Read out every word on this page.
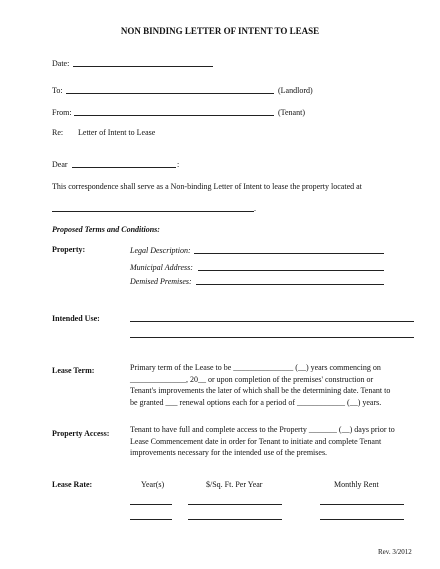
NON BINDING LETTER OF INTENT TO LEASE
Date:
To:	(Landlord)
From:	(Tenant)
Re: Letter of Intent to Lease
Dear	:
This correspondence shall serve as a Non-binding Letter of Intent to lease the property located at
.
Proposed Terms and Conditions:
Property:	Legal Description:
Municipal Address:
Demised Premises:
Intended Use:
Lease Term:	Primary term of the Lease to be _______________ (__) years commencing on
______________, 20__ or upon completion of the premises' construction or
Tenant's improvements the later of which shall be the determining date. Tenant to
be granted ___ renewal options each for a period of ____________ (__) years.
Property Access:	Tenant to have full and complete access to the Property _______ (__) days prior to
Lease Commencement date in order for Tenant to initiate and complete Tenant
improvements necessary for the intended use of the premises.
Lease Rate:	Year(s)	$/Sq. Ft. Per Year	Monthly Rent
Rev. 3/2012
